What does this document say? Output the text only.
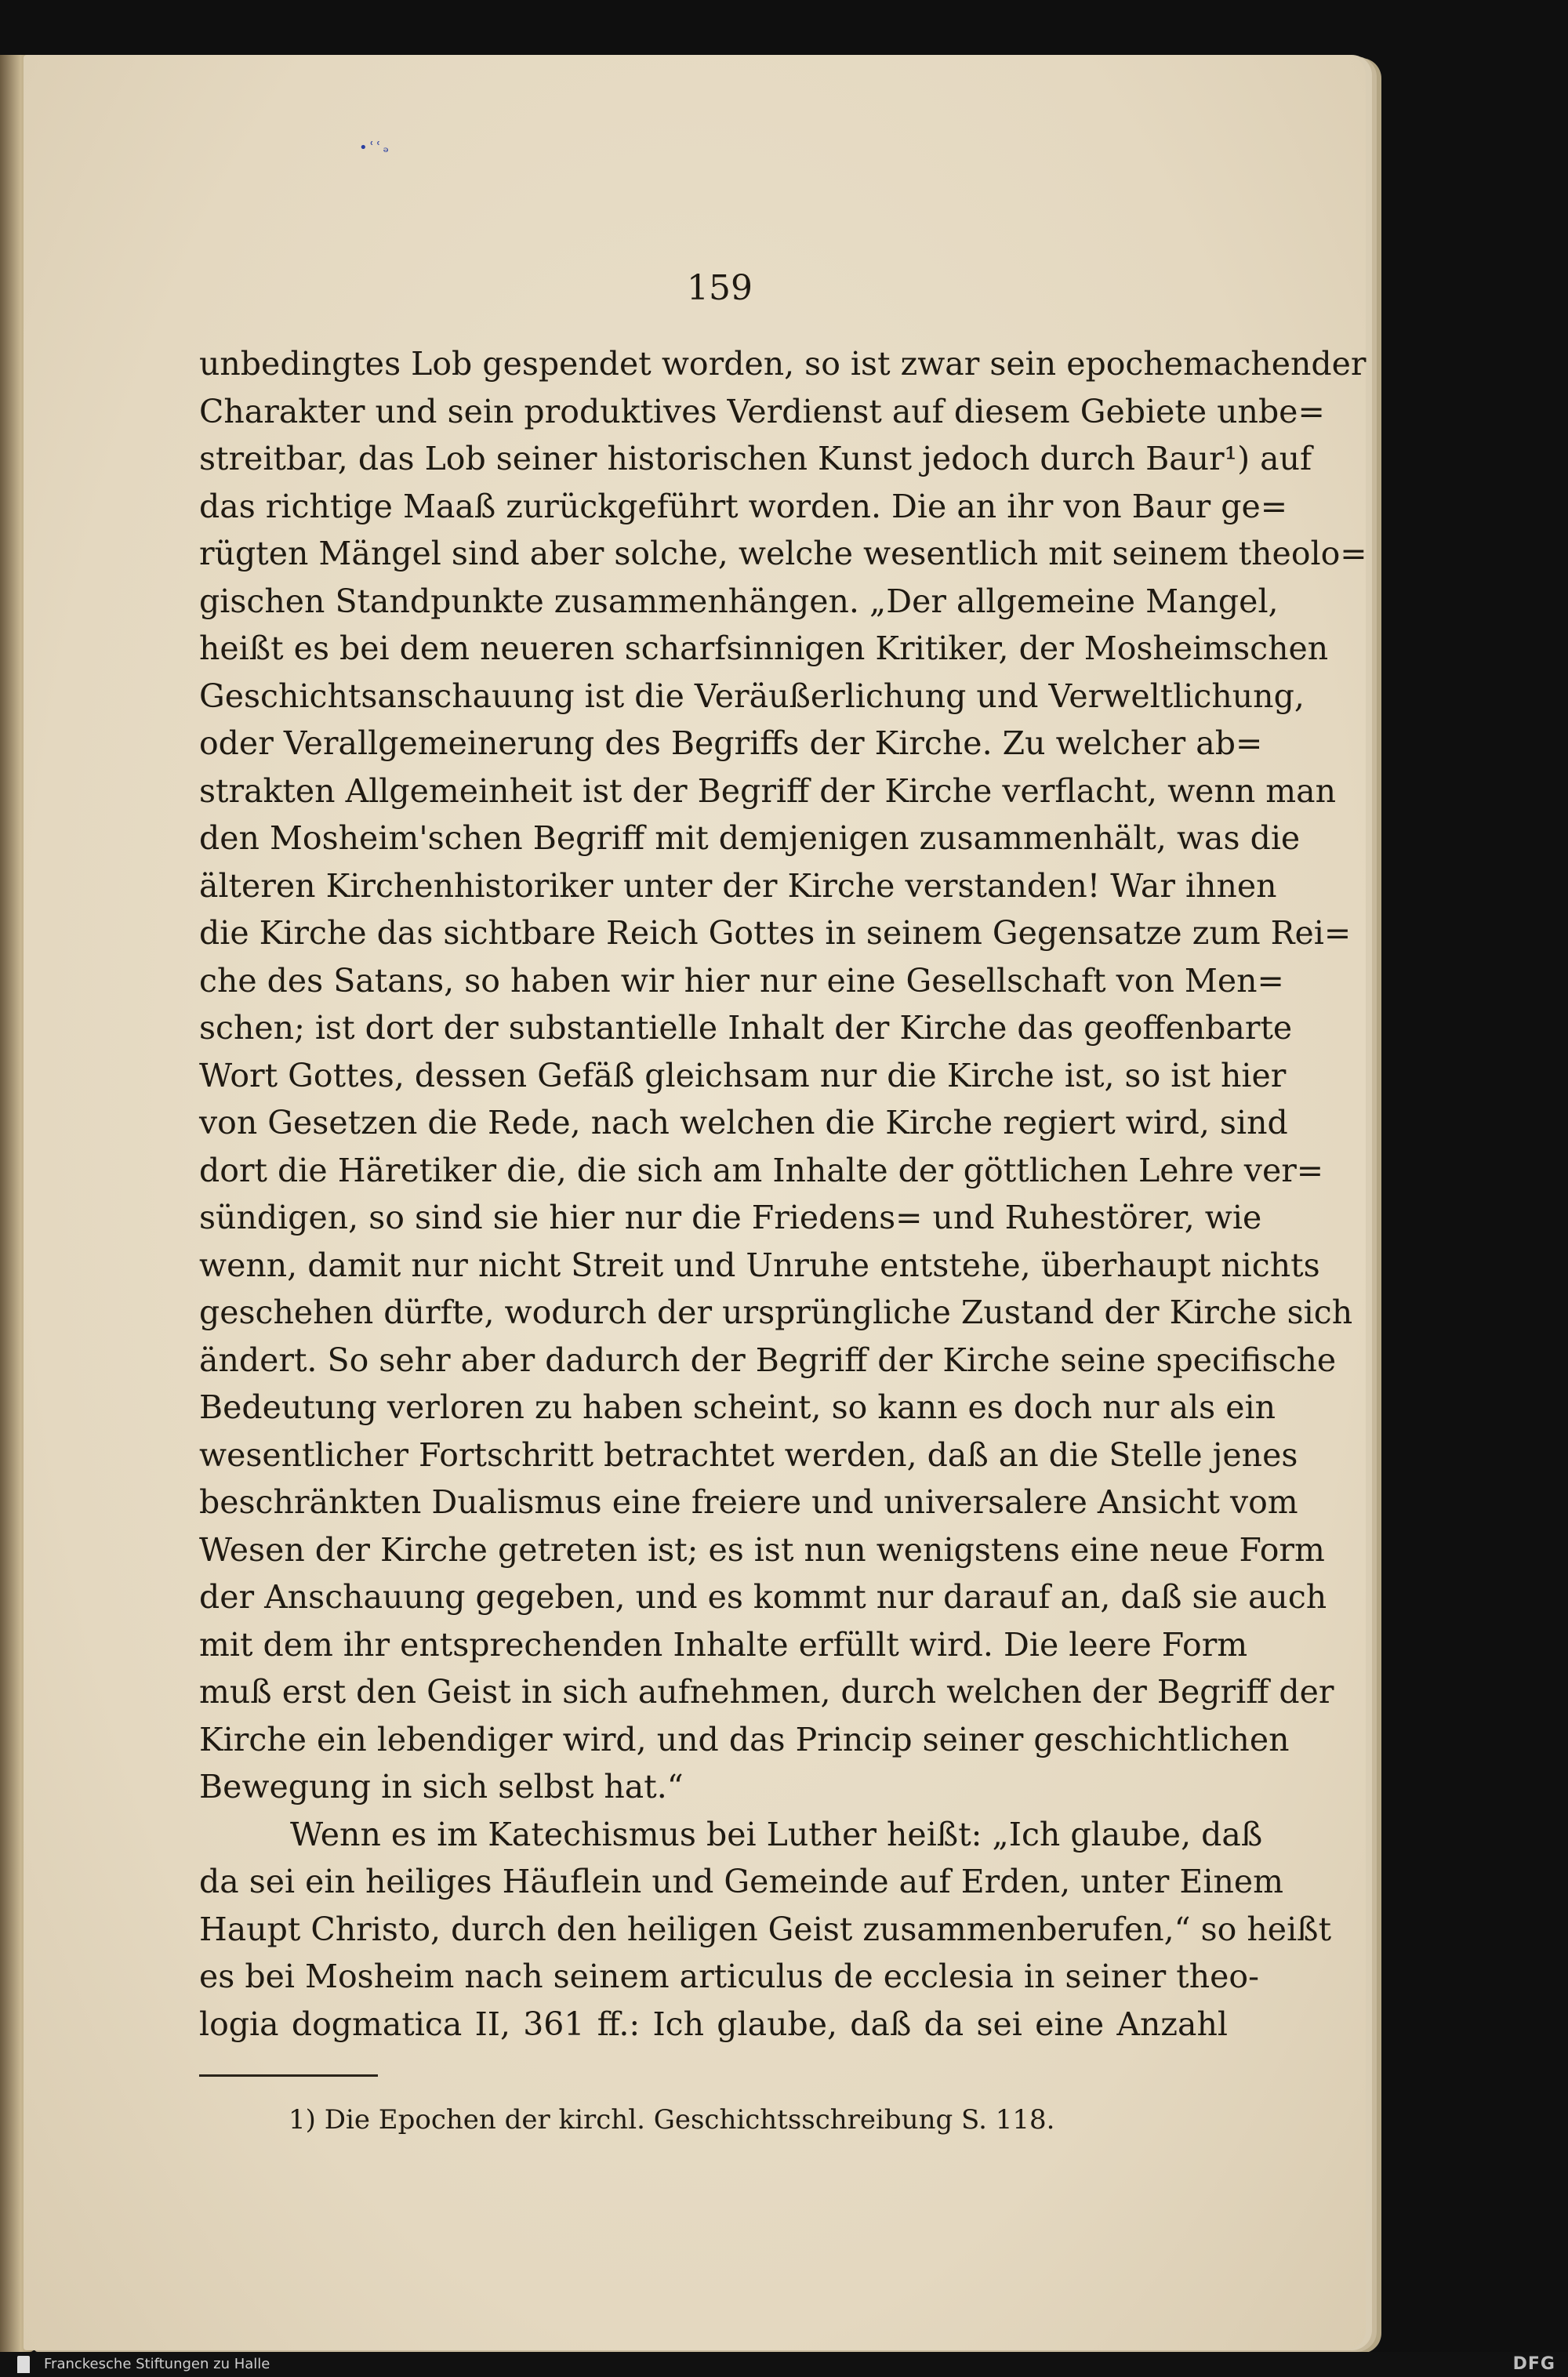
•ʿʿₔ

159

unbedingtes Lob gespendet worden, so ist zwar sein epochemachender
Charakter und sein produktives Verdienst auf diesem Gebiete unbe=
streitbar, das Lob seiner historischen Kunst jedoch durch Baur¹) auf
das richtige Maaß zurückgeführt worden. Die an ihr von Baur ge=
rügten Mängel sind aber solche, welche wesentlich mit seinem theolo=
gischen Standpunkte zusammenhängen. „Der allgemeine Mangel,
heißt es bei dem neueren scharfsinnigen Kritiker, der Mosheimschen
Geschichtsanschauung ist die Veräußerlichung und Verweltlichung,
oder Verallgemeinerung des Begriffs der Kirche. Zu welcher ab=
strakten Allgemeinheit ist der Begriff der Kirche verflacht, wenn man
den Mosheim'schen Begriff mit demjenigen zusammenhält, was die
älteren Kirchenhistoriker unter der Kirche verstanden! War ihnen
die Kirche das sichtbare Reich Gottes in seinem Gegensatze zum Rei=
che des Satans, so haben wir hier nur eine Gesellschaft von Men=
schen; ist dort der substantielle Inhalt der Kirche das geoffenbarte
Wort Gottes, dessen Gefäß gleichsam nur die Kirche ist, so ist hier
von Gesetzen die Rede, nach welchen die Kirche regiert wird, sind
dort die Häretiker die, die sich am Inhalte der göttlichen Lehre ver=
sündigen, so sind sie hier nur die Friedens= und Ruhestörer, wie
wenn, damit nur nicht Streit und Unruhe entstehe, überhaupt nichts
geschehen dürfte, wodurch der ursprüngliche Zustand der Kirche sich
ändert. So sehr aber dadurch der Begriff der Kirche seine specifische
Bedeutung verloren zu haben scheint, so kann es doch nur als ein
wesentlicher Fortschritt betrachtet werden, daß an die Stelle jenes
beschränkten Dualismus eine freiere und universalere Ansicht vom
Wesen der Kirche getreten ist; es ist nun wenigstens eine neue Form
der Anschauung gegeben, und es kommt nur darauf an, daß sie auch
mit dem ihr entsprechenden Inhalte erfüllt wird. Die leere Form
muß erst den Geist in sich aufnehmen, durch welchen der Begriff der
Kirche ein lebendiger wird, und das Princip seiner geschichtlichen
Bewegung in sich selbst hat.“
Wenn es im Katechismus bei Luther heißt: „Ich glaube, daß
da sei ein heiliges Häuflein und Gemeinde auf Erden, unter Einem
Haupt Christo, durch den heiligen Geist zusammenberufen,“ so heißt
es bei Mosheim nach seinem articulus de ecclesia in seiner theo-
logia dogmatica II, 361 ff.: Ich glaube, daß da sei eine Anzahl

1) Die Epochen der kirchl. Geschichtsschreibung S. 118.

Franckesche Stiftungen zu Halle	DFG
